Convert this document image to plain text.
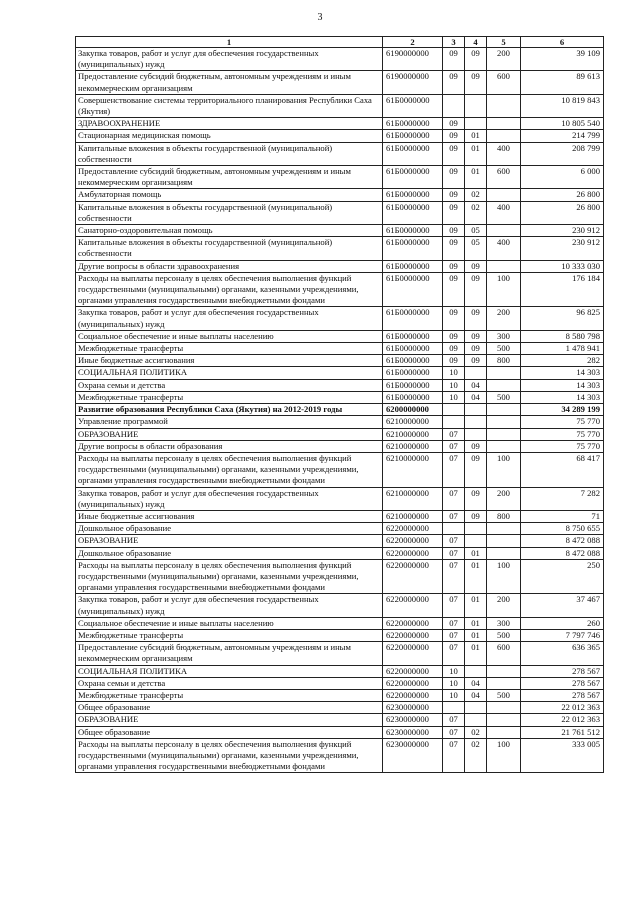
3
1	2	3	4	5	6
Закупка товаров, работ и услуг для обеспечения государственных (муниципальных) нужд	6190000000	09	09	200	39 109
Предоставление субсидий бюджетным, автономным учреждениям и иным некоммерческим организациям	6190000000	09	09	600	89 613
Совершенствование системы территориального планирования Республики Саха (Якутия)	61Б0000000				10 819 843
ЗДРАВООХРАНЕНИЕ	61Б0000000	09			10 805 540
Стационарная медицинская помощь	61Б0000000	09	01		214 799
Капитальные вложения в объекты государственной (муниципальной) собственности	61Б0000000	09	01	400	208 799
Предоставление субсидий бюджетным, автономным учреждениям и иным некоммерческим организациям	61Б0000000	09	01	600	6 000
Амбулаторная помощь	61Б0000000	09	02		26 800
Капитальные вложения в объекты государственной (муниципальной) собственности	61Б0000000	09	02	400	26 800
Санаторно-оздоровительная помощь	61Б0000000	09	05		230 912
Капитальные вложения в объекты государственной (муниципальной) собственности	61Б0000000	09	05	400	230 912
Другие вопросы в области здравоохранения	61Б0000000	09	09		10 333 030
Расходы на выплаты персоналу в целях обеспечения выполнения функций государственными (муниципальными) органами, казенными учреждениями, органами управления государственными внебюджетными фондами	61Б0000000	09	09	100	176 184
Закупка товаров, работ и услуг для обеспечения государственных (муниципальных) нужд	61Б0000000	09	09	200	96 825
Социальное обеспечение и иные выплаты населению	61Б0000000	09	09	300	8 580 798
Межбюджетные трансферты	61Б0000000	09	09	500	1 478 941
Иные бюджетные ассигнования	61Б0000000	09	09	800	282
СОЦИАЛЬНАЯ ПОЛИТИКА	61Б0000000	10			14 303
Охрана семьи и детства	61Б0000000	10	04		14 303
Межбюджетные трансферты	61Б0000000	10	04	500	14 303
Развитие образования Республики Саха (Якутия) на 2012-2019 годы	6200000000				34 289 199
Управление программой	6210000000				75 770
ОБРАЗОВАНИЕ	6210000000	07			75 770
Другие вопросы в области образования	6210000000	07	09		75 770
Расходы на выплаты персоналу в целях обеспечения выполнения функций государственными (муниципальными) органами, казенными учреждениями, органами управления государственными внебюджетными фондами	6210000000	07	09	100	68 417
Закупка товаров, работ и услуг для обеспечения государственных (муниципальных) нужд	6210000000	07	09	200	7 282
Иные бюджетные ассигнования	6210000000	07	09	800	71
Дошкольное образование	6220000000				8 750 655
ОБРАЗОВАНИЕ	6220000000	07			8 472 088
Дошкольное образование	6220000000	07	01		8 472 088
Расходы на выплаты персоналу в целях обеспечения выполнения функций государственными (муниципальными) органами, казенными учреждениями, органами управления государственными внебюджетными фондами	6220000000	07	01	100	250
Закупка товаров, работ и услуг для обеспечения государственных (муниципальных) нужд	6220000000	07	01	200	37 467
Социальное обеспечение и иные выплаты населению	6220000000	07	01	300	260
Межбюджетные трансферты	6220000000	07	01	500	7 797 746
Предоставление субсидий бюджетным, автономным учреждениям и иным некоммерческим организациям	6220000000	07	01	600	636 365
СОЦИАЛЬНАЯ ПОЛИТИКА	6220000000	10			278 567
Охрана семьи и детства	6220000000	10	04		278 567
Межбюджетные трансферты	6220000000	10	04	500	278 567
Общее образование	6230000000				22 012 363
ОБРАЗОВАНИЕ	6230000000	07			22 012 363
Общее образование	6230000000	07	02		21 761 512
Расходы на выплаты персоналу в целях обеспечения выполнения функций государственными (муниципальными) органами, казенными учреждениями, органами управления государственными внебюджетными фондами	6230000000	07	02	100	333 005
